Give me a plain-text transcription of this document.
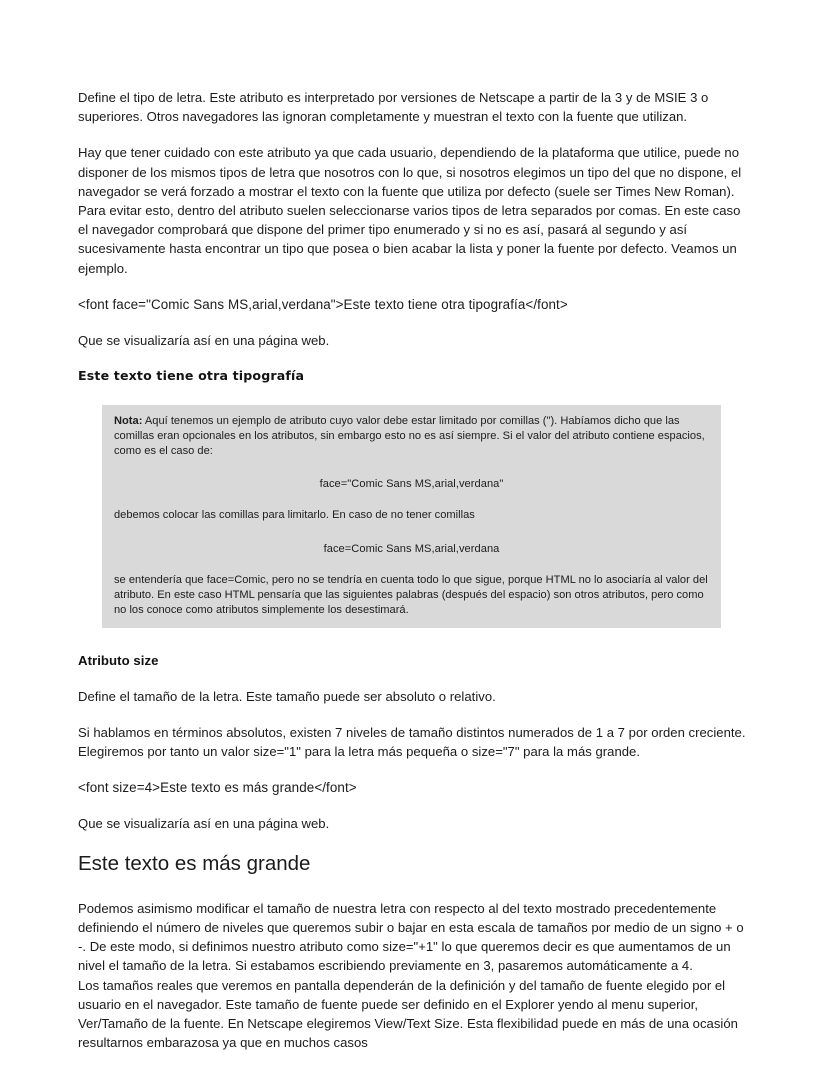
Define el tipo de letra. Este atributo es interpretado por versiones de Netscape a partir de la 3 y de MSIE 3 o superiores. Otros navegadores las ignoran completamente y muestran el texto con la fuente que utilizan.

Hay que tener cuidado con este atributo ya que cada usuario, dependiendo de la plataforma que utilice, puede no disponer de los mismos tipos de letra que nosotros con lo que, si nosotros elegimos un tipo del que no dispone, el navegador se verá forzado a mostrar el texto con la fuente que utiliza por defecto (suele ser Times New Roman). Para evitar esto, dentro del atributo suelen seleccionarse varios tipos de letra separados por comas. En este caso el navegador comprobará que dispone del primer tipo enumerado y si no es así, pasará al segundo y así sucesivamente hasta encontrar un tipo que posea o bien acabar la lista y poner la fuente por defecto. Veamos un ejemplo.

<font face="Comic Sans MS,arial,verdana">Este texto tiene otra tipografía</font>

Que se visualizaría así en una página web.

Este texto tiene otra tipografía

Nota: Aquí tenemos un ejemplo de atributo cuyo valor debe estar limitado por comillas ("). Habíamos dicho que las comillas eran opcionales en los atributos, sin embargo esto no es así siempre. Si el valor del atributo contiene espacios, como es el caso de:

face="Comic Sans MS,arial,verdana"

debemos colocar las comillas para limitarlo. En caso de no tener comillas

face=Comic Sans MS,arial,verdana

se entendería que face=Comic, pero no se tendría en cuenta todo lo que sigue, porque HTML no lo asociaría al valor del atributo. En este caso HTML pensaría que las siguientes palabras (después del espacio) son otros atributos, pero como no los conoce como atributos simplemente los desestimará.

Atributo size

Define el tamaño de la letra. Este tamaño puede ser absoluto o relativo.

Si hablamos en términos absolutos, existen 7 niveles de tamaño distintos numerados de 1 a 7 por orden creciente. Elegiremos por tanto un valor size="1" para la letra más pequeña o size="7" para la más grande.

<font size=4>Este texto es más grande</font>

Que se visualizaría así en una página web.

Este texto es más grande

Podemos asimismo modificar el tamaño de nuestra letra con respecto al del texto mostrado precedentemente definiendo el número de niveles que queremos subir o bajar en esta escala de tamaños por medio de un signo + o -. De este modo, si definimos nuestro atributo como size="+1" lo que queremos decir es que aumentamos de un nivel el tamaño de la letra. Si estabamos escribiendo previamente en 3, pasaremos automáticamente a 4.

Los tamaños reales que veremos en pantalla dependerán de la definición y del tamaño de fuente elegido por el usuario en el navegador. Este tamaño de fuente puede ser definido en el Explorer yendo al menu superior, Ver/Tamaño de la fuente. En Netscape elegiremos View/Text Size. Esta flexibilidad puede en más de una ocasión resultarnos embarazosa ya que en muchos casos
